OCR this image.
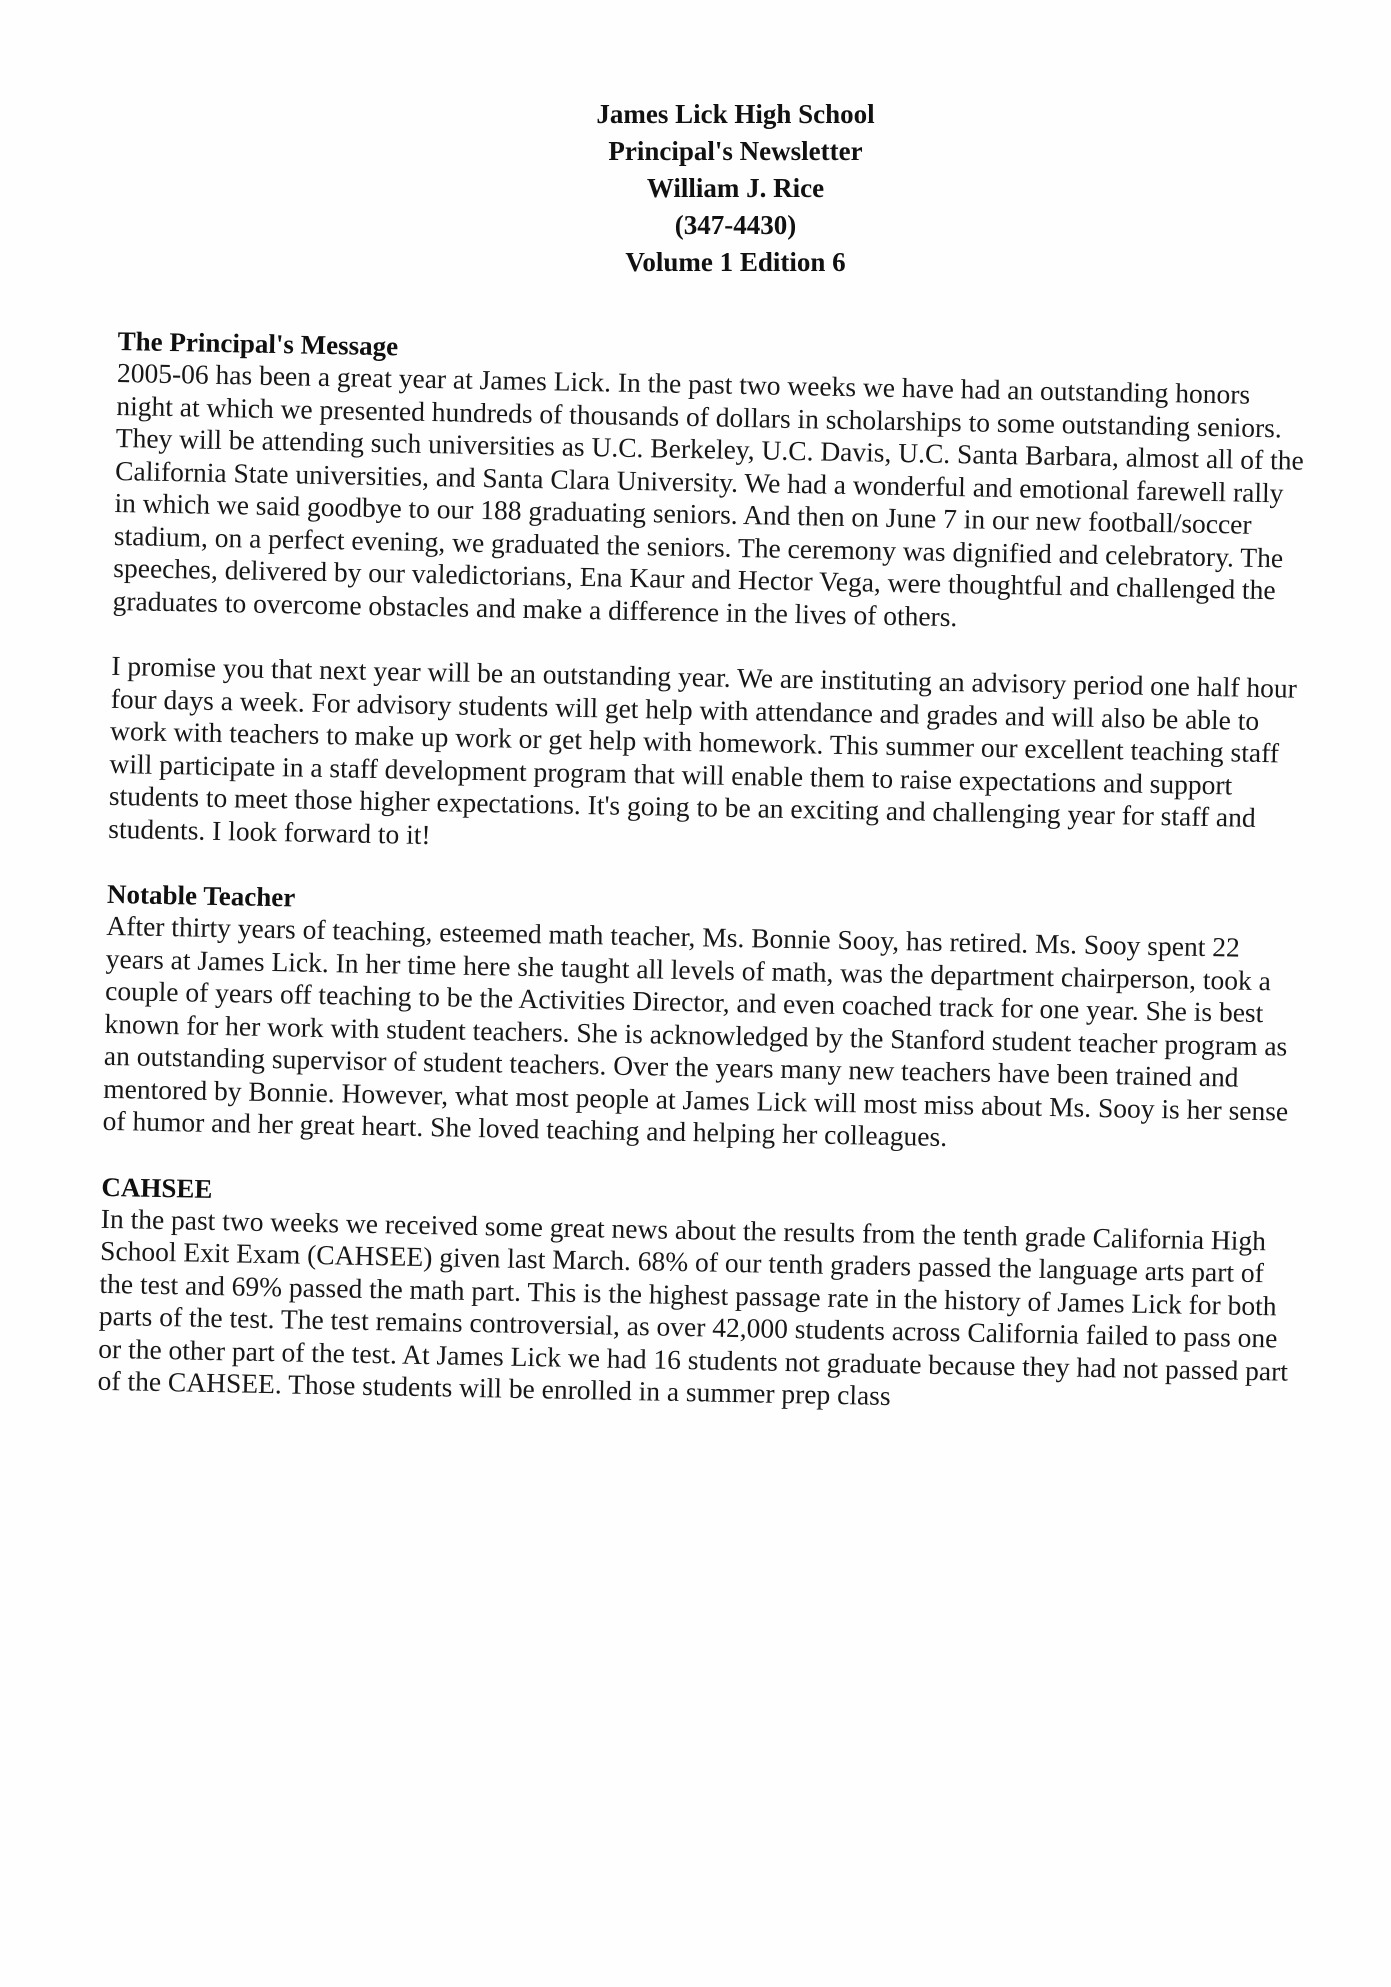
James Lick High School
Principal's Newsletter
William J. Rice
(347-4430)
Volume 1 Edition 6
The Principal's Message

2005-06 has been a great year at James Lick. In the past two weeks we have had an outstanding honors night at which we presented hundreds of thousands of dollars in scholarships to some outstanding seniors. They will be attending such universities as U.C. Berkeley, U.C. Davis, U.C. Santa Barbara, almost all of the California State universities, and Santa Clara University. We had a wonderful and emotional farewell rally in which we said goodbye to our 188 graduating seniors. And then on June 7 in our new football/soccer stadium, on a perfect evening, we graduated the seniors. The ceremony was dignified and celebratory. The speeches, delivered by our valedictorians, Ena Kaur and Hector Vega, were thoughtful and challenged the graduates to overcome obstacles and make a difference in the lives of others.

I promise you that next year will be an outstanding year. We are instituting an advisory period one half hour four days a week. For advisory students will get help with attendance and grades and will also be able to work with teachers to make up work or get help with homework. This summer our excellent teaching staff will participate in a staff development program that will enable them to raise expectations and support students to meet those higher expectations. It's going to be an exciting and challenging year for staff and students. I look forward to it!

Notable Teacher

After thirty years of teaching, esteemed math teacher, Ms. Bonnie Sooy, has retired. Ms. Sooy spent 22 years at James Lick. In her time here she taught all levels of math, was the department chairperson, took a couple of years off teaching to be the Activities Director, and even coached track for one year. She is best known for her work with student teachers. She is acknowledged by the Stanford student teacher program as an outstanding supervisor of student teachers. Over the years many new teachers have been trained and mentored by Bonnie. However, what most people at James Lick will most miss about Ms. Sooy is her sense of humor and her great heart. She loved teaching and helping her colleagues.

CAHSEE

In the past two weeks we received some great news about the results from the tenth grade California High School Exit Exam (CAHSEE) given last March. 68% of our tenth graders passed the language arts part of the test and 69% passed the math part. This is the highest passage rate in the history of James Lick for both parts of the test. The test remains controversial, as over 42,000 students across California failed to pass one or the other part of the test. At James Lick we had 16 students not graduate because they had not passed part of the CAHSEE. Those students will be enrolled in a summer prep class
